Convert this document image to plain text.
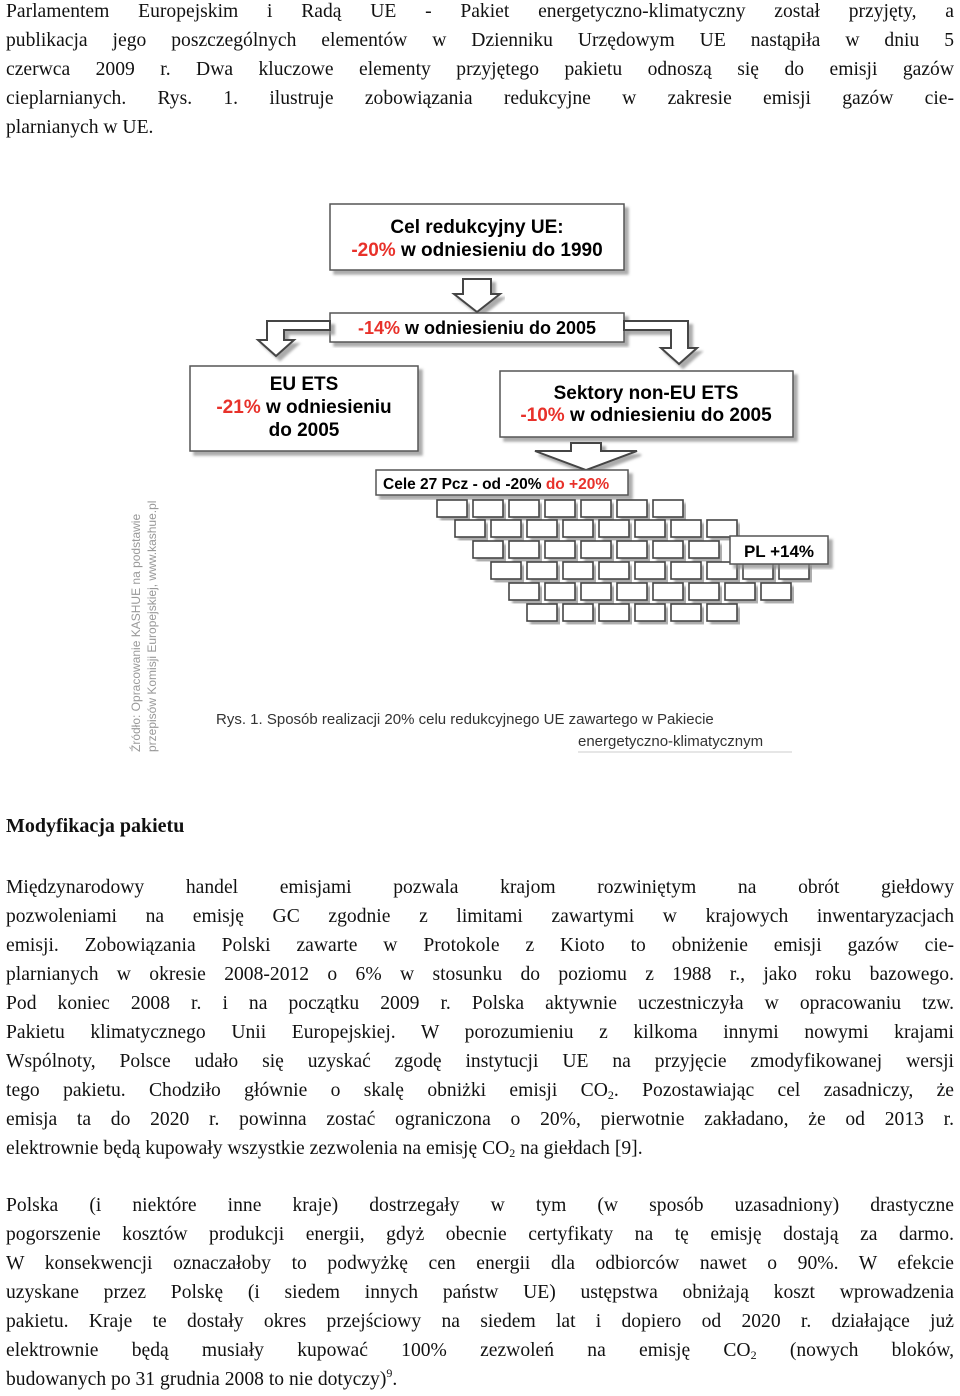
Parlamentem Europejskim i Radą UE - Pakiet energetyczno-klimatyczny został przyjęty, a
publikacja jego poszczególnych elementów w Dzienniku Urzędowym UE nastąpiła w dniu 5
czerwca 2009 r. Dwa kluczowe elementy przyjętego pakietu odnoszą się do emisji gazów
cieplarnianych. Rys. 1. ilustruje zobowiązania redukcyjne w zakresie emisji gazów cie-
plarnianych w UE.
Cel redukcyjny UE:
-20% w odniesieniu do 1990
-14% w odniesieniu do 2005
EU ETS
-21% w odniesieniu
do 2005
Sektory non-EU ETS
-10% w odniesieniu do 2005
Cele 27 Pcz - od -20% do +20%
PL +14%
Rys. 1. Sposób realizacji 20% celu redukcyjnego UE zawartego w Pakiecie
energetyczno-klimatycznym
Źródło: Opracowanie KASHUE na podstawie przepisów Komisji Europejskiej, www.kashue.pl
Modyfikacja pakietu
Międzynarodowy handel emisjami pozwala krajom rozwiniętym na obrót giełdowy
pozwoleniami na emisję GC zgodnie z limitami zawartymi w krajowych inwentaryzacjach
emisji. Zobowiązania Polski zawarte w Protokole z Kioto to obniżenie emisji gazów cie-
plarnianych w okresie 2008-2012 o 6% w stosunku do poziomu z 1988 r., jako roku bazowego.
Pod koniec 2008 r. i na początku 2009 r. Polska aktywnie uczestniczyła w opracowaniu tzw.
Pakietu klimatycznego Unii Europejskiej. W porozumieniu z kilkoma innymi nowymi krajami
Wspólnoty, Polsce udało się uzyskać zgodę instytucji UE na przyjęcie zmodyfikowanej wersji
tego pakietu. Chodziło głównie o skalę obniżki emisji $CO_2$. Pozostawiając cel zasadniczy, że
emisja ta do 2020 r. powinna zostać ograniczona o 20%, pierwotnie zakładano, że od 2013 r.
elektrownie będą kupowały wszystkie zezwolenia na emisję $CO_2$ na giełdach [9].
Polska (i niektóre inne kraje) dostrzegały w tym (w sposób uzasadniony) drastyczne
pogorszenie kosztów produkcji energii, gdyż obecnie certyfikaty na tę emisję dostają za darmo.
W konsekwencji oznaczałoby to podwyżkę cen energii dla odbiorców nawet o 90%. W efekcie
uzyskane przez Polskę (i siedem innych państw UE) ustępstwa obniżają koszt wprowadzenia
pakietu. Kraje te dostały okres przejściowy na siedem lat i dopiero od 2020 r. działające już
elektrownie będą musiały kupować 100% zezwoleń na emisję $CO_2$ (nowych bloków,
budowanych po 31 grudnia 2008 to nie dotyczy)$^9$.
